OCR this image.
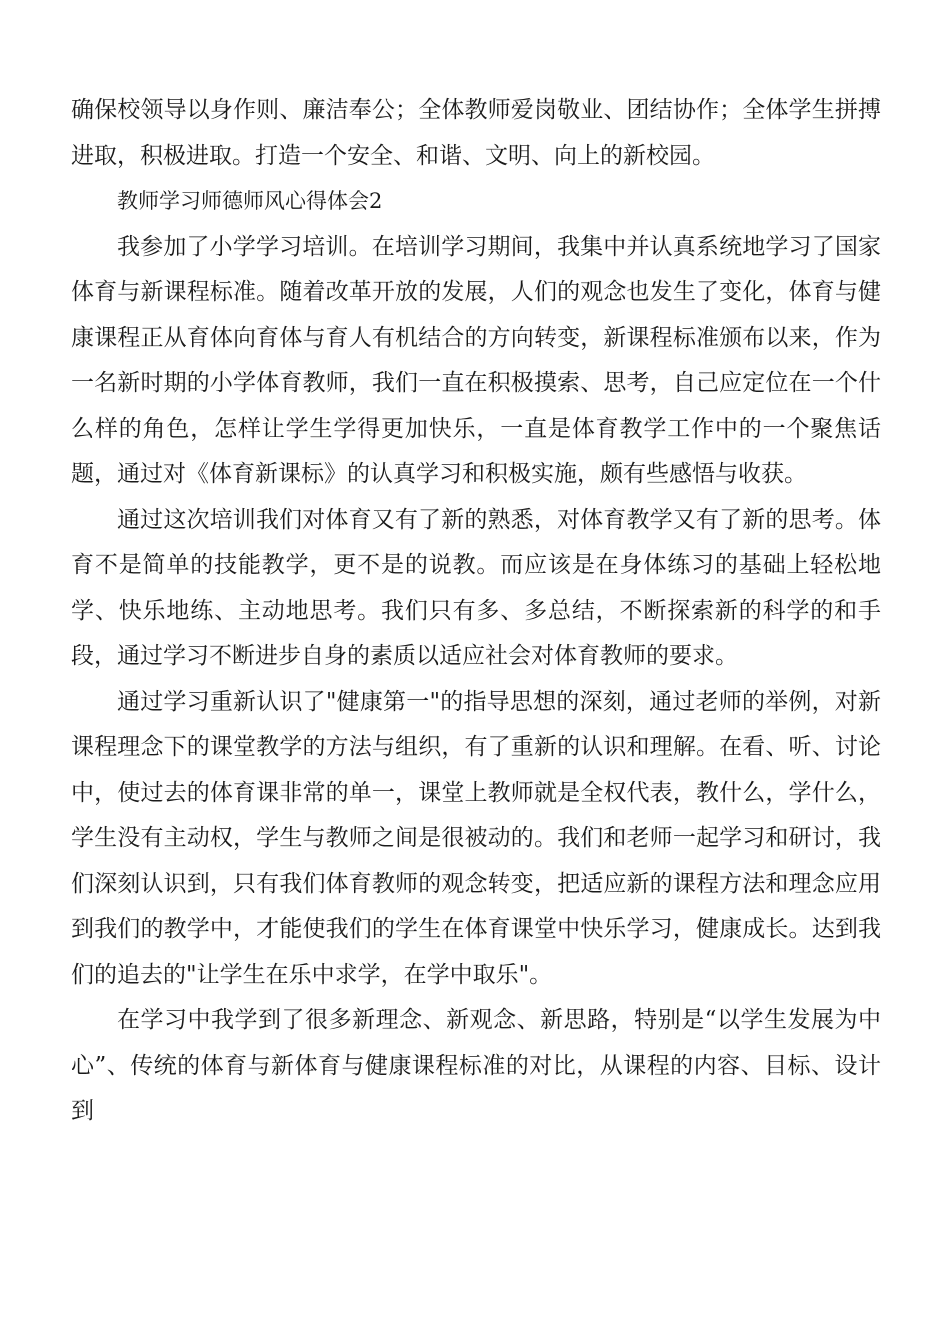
确保校领导以身作则、廉洁奉公；全体教师爱岗敬业、团结协作；全体学生拼搏进取，积极进取。打造一个安全、和谐、文明、向上的新校园。

教师学习师德师风心得体会2

我参加了小学学习培训。在培训学习期间，我集中并认真系统地学习了国家体育与新课程标准。随着改革开放的发展，人们的观念也发生了变化，体育与健康课程正从育体向育体与育人有机结合的方向转变，新课程标准颁布以来，作为一名新时期的小学体育教师，我们一直在积极摸索、思考，自己应定位在一个什么样的角色，怎样让学生学得更加快乐，一直是体育教学工作中的一个聚焦话题，通过对《体育新课标》的认真学习和积极实施，颇有些感悟与收获。

通过这次培训我们对体育又有了新的熟悉，对体育教学又有了新的思考。体育不是简单的技能教学，更不是的说教。而应该是在身体练习的基础上轻松地学、快乐地练、主动地思考。我们只有多、多总结，不断探索新的科学的和手段，通过学习不断进步自身的素质以适应社会对体育教师的要求。

通过学习重新认识了"健康第一"的指导思想的深刻，通过老师的举例，对新课程理念下的课堂教学的方法与组织，有了重新的认识和理解。在看、听、讨论中，使过去的体育课非常的单一，课堂上教师就是全权代表，教什么，学什么，学生没有主动权，学生与教师之间是很被动的。我们和老师一起学习和研讨，我们深刻认识到，只有我们体育教师的观念转变，把适应新的课程方法和理念应用到我们的教学中，才能使我们的学生在体育课堂中快乐学习，健康成长。达到我们的追去的"让学生在乐中求学，在学中取乐"。

在学习中我学到了很多新理念、新观念、新思路，特别是“以学生发展为中心”、传统的体育与新体育与健康课程标准的对比，从课程的内容、目标、设计到
